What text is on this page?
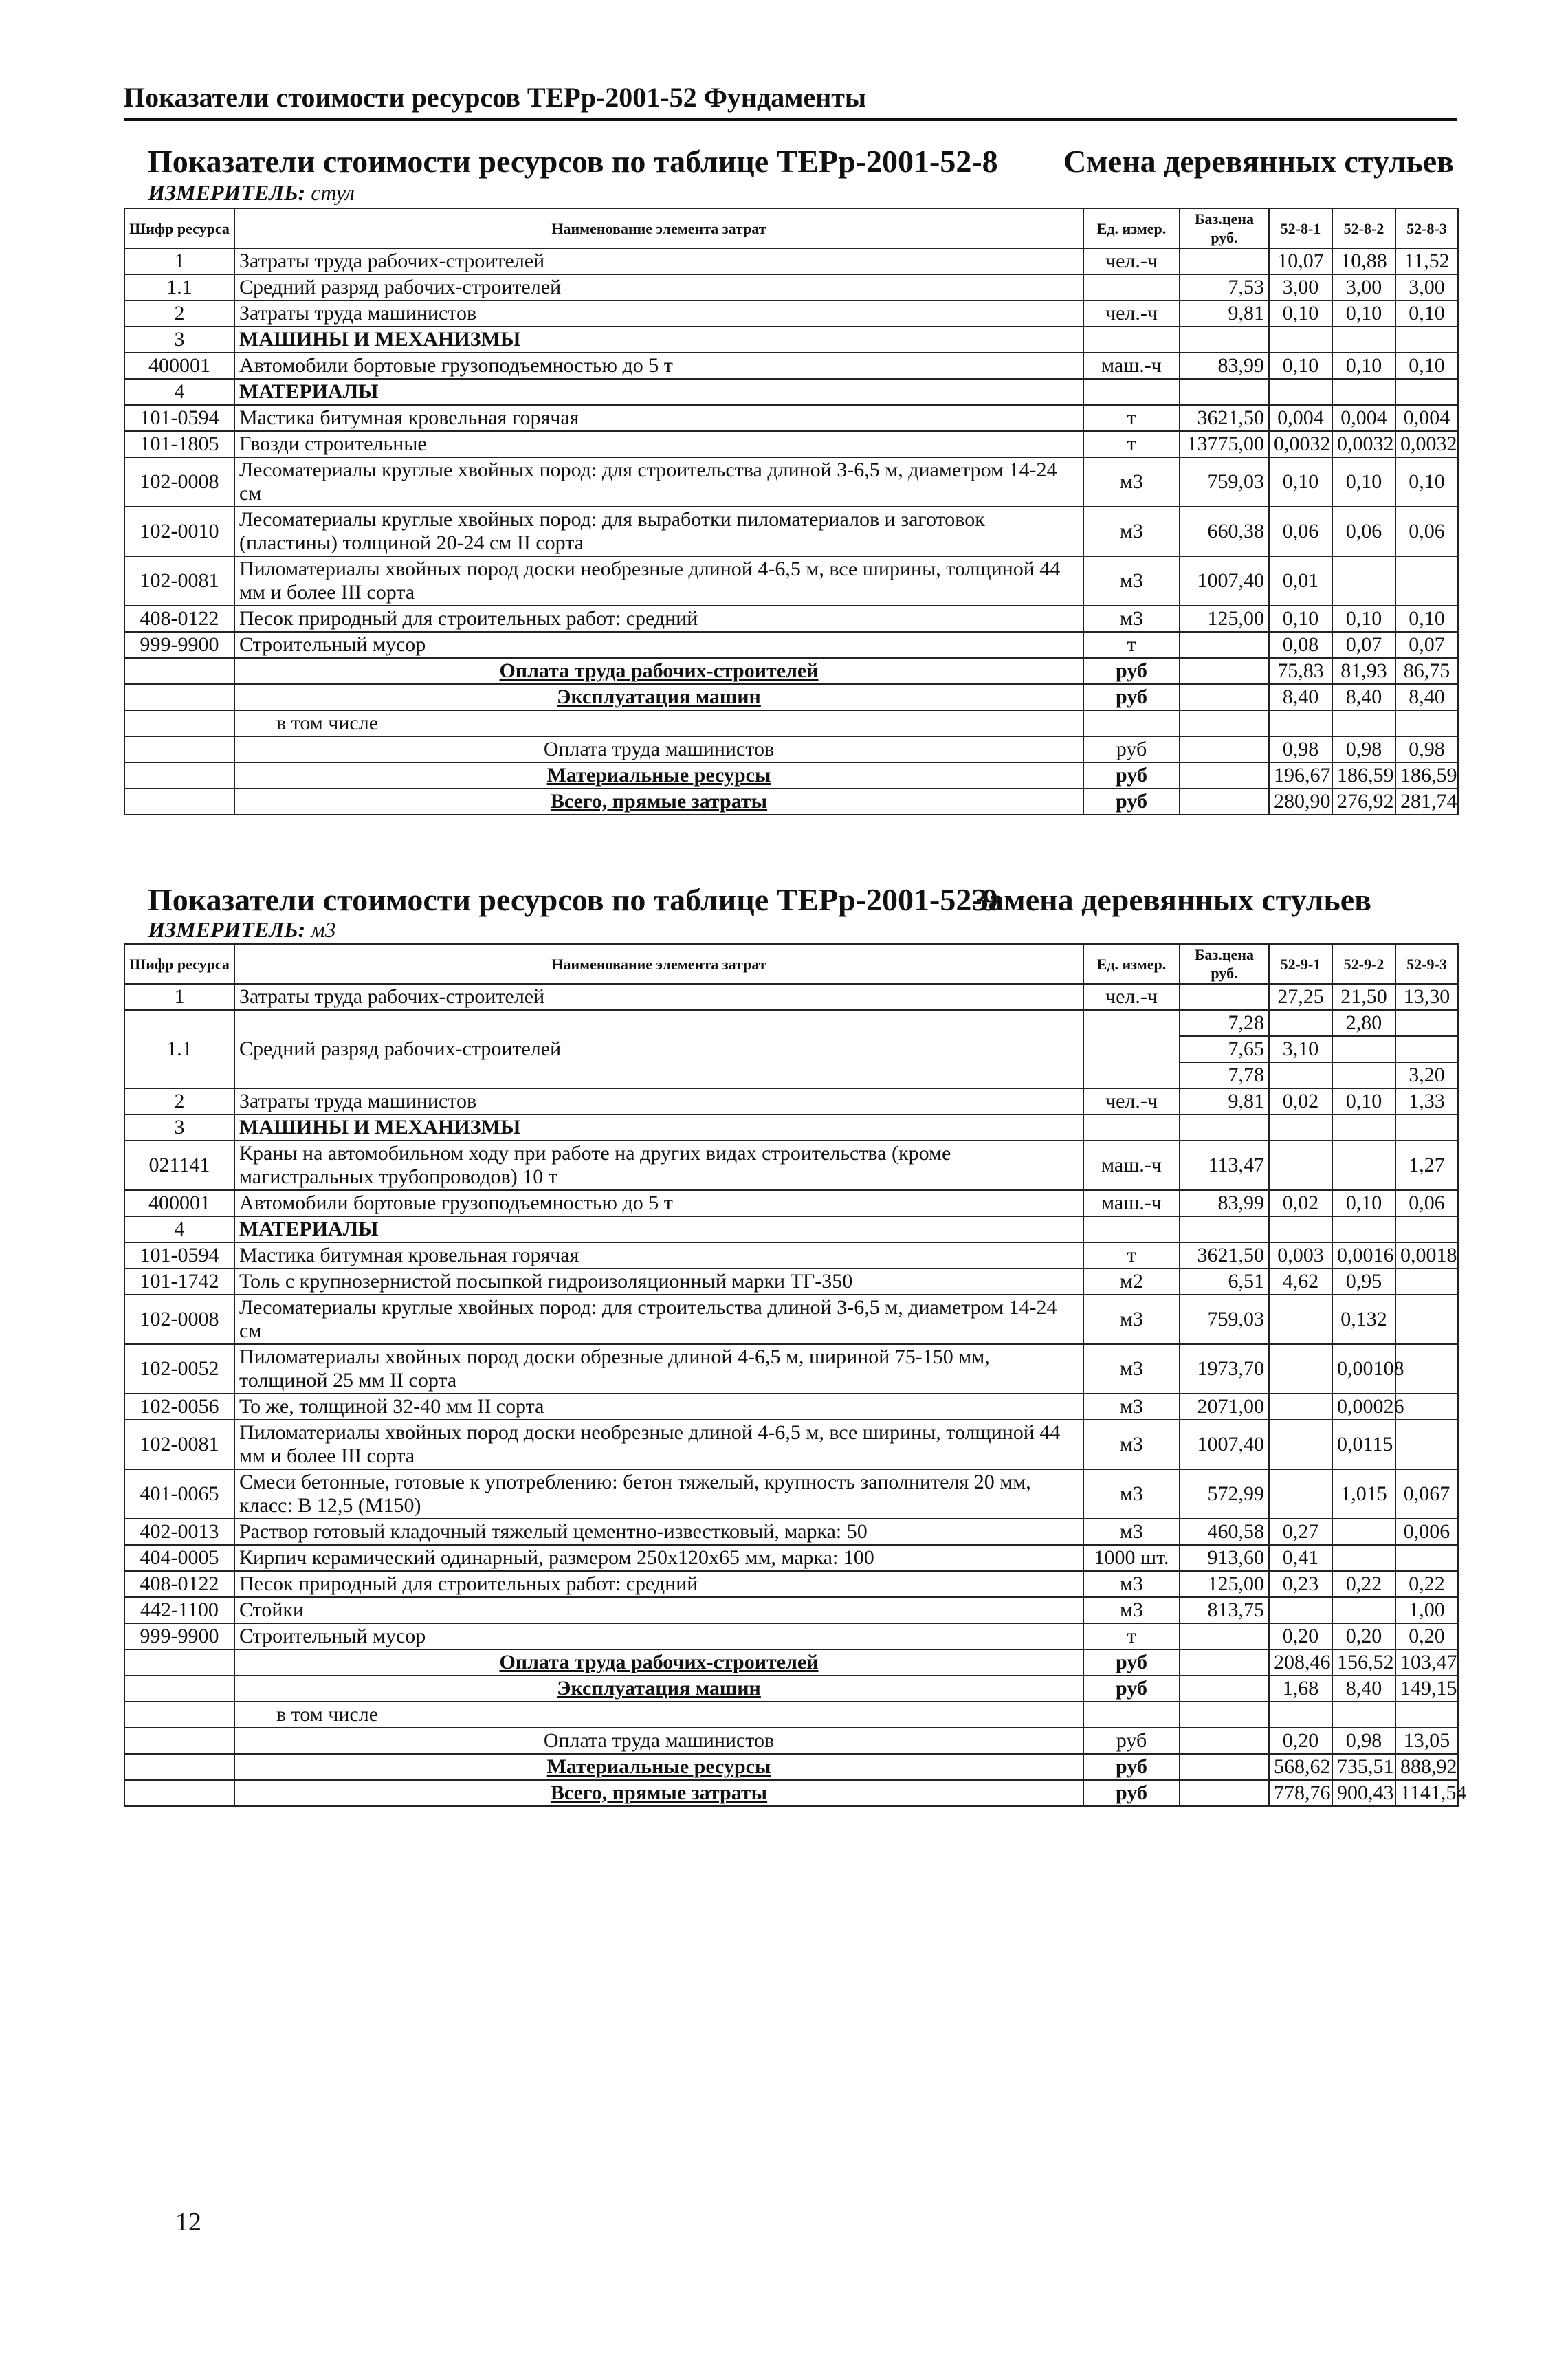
Показатели стоимости ресурсов ТЕРр-2001-52 Фундаменты
Показатели стоимости ресурсов по таблице ТЕРр-2001-52-8 Смена деревянных стульев
ИЗМЕРИТЕЛЬ: стул
Шифр ресурса	Наименование элемента затрат	Ед. измер.	Баз.цена руб.	52-8-1	52-8-2	52-8-3
1	Затраты труда рабочих-строителей	чел.-ч		10,07	10,88	11,52
1.1	Средний разряд рабочих-строителей		7,53	3,00	3,00	3,00
2	Затраты труда машинистов	чел.-ч	9,81	0,10	0,10	0,10
3	МАШИНЫ И МЕХАНИЗМЫ					
400001	Автомобили бортовые грузоподъемностью до 5 т	маш.-ч	83,99	0,10	0,10	0,10
4	МАТЕРИАЛЫ					
101-0594	Мастика битумная кровельная горячая	т	3621,50	0,004	0,004	0,004
101-1805	Гвозди строительные	т	13775,00	0,0032	0,0032	0,0032
102-0008	Лесоматериалы круглые хвойных пород: для строительства длиной 3-6,5 м, диаметром 14-24 см	м3	759,03	0,10	0,10	0,10
102-0010	Лесоматериалы круглые хвойных пород: для выработки пиломатериалов и заготовок (пластины) толщиной 20-24 см II сорта	м3	660,38	0,06	0,06	0,06
102-0081	Пиломатериалы хвойных пород доски необрезные длиной 4-6,5 м, все ширины, толщиной 44 мм и более III сорта	м3	1007,40	0,01		
408-0122	Песок природный для строительных работ: средний	м3	125,00	0,10	0,10	0,10
999-9900	Строительный мусор	т		0,08	0,07	0,07
	Оплата труда рабочих-строителей	руб		75,83	81,93	86,75
	Эксплуатация машин	руб		8,40	8,40	8,40
	в том числе					
	Оплата труда машинистов	руб		0,98	0,98	0,98
	Материальные ресурсы	руб		196,67	186,59	186,59
	Всего, прямые затраты	руб		280,90	276,92	281,74
Показатели стоимости ресурсов по таблице ТЕРр-2001-52-9
Замена деревянных стульев
ИЗМЕРИТЕЛЬ: м3
Шифр ресурса	Наименование элемента затрат	Ед. измер.	Баз.цена руб.	52-9-1	52-9-2	52-9-3
1	Затраты труда рабочих-строителей	чел.-ч		27,25	21,50	13,30
1.1	Средний разряд рабочих-строителей		7,28		2,80	
			7,65	3,10		
			7,78			3,20
2	Затраты труда машинистов	чел.-ч	9,81	0,02	0,10	1,33
3	МАШИНЫ И МЕХАНИЗМЫ					
021141	Краны на автомобильном ходу при работе на других видах строительства (кроме магистральных трубопроводов) 10 т	маш.-ч	113,47			1,27
400001	Автомобили бортовые грузоподъемностью до 5 т	маш.-ч	83,99	0,02	0,10	0,06
4	МАТЕРИАЛЫ					
101-0594	Мастика битумная кровельная горячая	т	3621,50	0,003	0,0016	0,0018
101-1742	Толь с крупнозернистой посыпкой гидроизоляционный марки ТГ-350	м2	6,51	4,62	0,95	
102-0008	Лесоматериалы круглые хвойных пород: для строительства длиной 3-6,5 м, диаметром 14-24 см	м3	759,03		0,132	
102-0052	Пиломатериалы хвойных пород доски обрезные длиной 4-6,5 м, шириной 75-150 мм, толщиной 25 мм II сорта	м3	1973,70		0,00108	
102-0056	То же, толщиной 32-40 мм II сорта	м3	2071,00		0,00026	
102-0081	Пиломатериалы хвойных пород доски необрезные длиной 4-6,5 м, все ширины, толщиной 44 мм и более III сорта	м3	1007,40		0,0115	
401-0065	Смеси бетонные, готовые к употреблению: бетон тяжелый, крупность заполнителя 20 мм, класс: В 12,5 (М150)	м3	572,99		1,015	0,067
402-0013	Раствор готовый кладочный тяжелый цементно-известковый, марка: 50	м3	460,58	0,27		0,006
404-0005	Кирпич керамический одинарный, размером 250х120х65 мм, марка: 100	1000 шт.	913,60	0,41		
408-0122	Песок природный для строительных работ: средний	м3	125,00	0,23	0,22	0,22
442-1100	Стойки	м3	813,75			1,00
999-9900	Строительный мусор	т		0,20	0,20	0,20
	Оплата труда рабочих-строителей	руб		208,46	156,52	103,47
	Эксплуатация машин	руб		1,68	8,40	149,15
	в том числе					
	Оплата труда машинистов	руб		0,20	0,98	13,05
	Материальные ресурсы	руб		568,62	735,51	888,92
	Всего, прямые затраты	руб		778,76	900,43	1141,54
12
